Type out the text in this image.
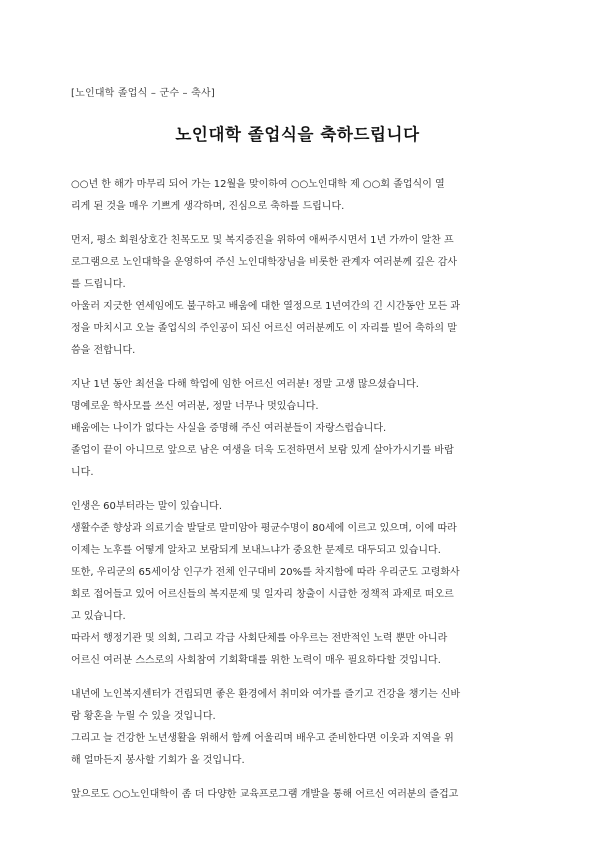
[노인대학 졸업식 – 군수 – 축사]
노인대학 졸업식을 축하드립니다
○○년 한 해가 마무리 되어 가는 12월을 맞이하여 ○○노인대학 제 ○○회 졸업식이 열
리게 된 것을 매우 기쁘게 생각하며, 진심으로 축하를 드립니다.
먼저, 평소 회원상호간 친목도모 및 복지증진을 위하여 애써주시면서 1년 가까이 알찬 프
로그램으로 노인대학을 운영하여 주신 노인대학장님을 비롯한 관계자 여러분께 깊은 감사
를 드립니다.
아울러 지긋한 연세임에도 불구하고 배움에 대한 열정으로 1년여간의 긴 시간동안 모든 과
정을 마치시고 오늘 졸업식의 주인공이 되신 어르신 여러분께도 이 자리를 빌어 축하의 말
씀을 전합니다.
지난 1년 동안 최선을 다해 학업에 임한 어르신 여러분! 정말 고생 많으셨습니다.
명예로운 학사모를 쓰신 여러분, 정말 너무나 멋있습니다.
배움에는 나이가 없다는 사실을 증명해 주신 여러분들이 자랑스럽습니다.
졸업이 끝이 아니므로 앞으로 남은 여생을 더욱 도전하면서 보람 있게 살아가시기를 바랍
니다.
인생은 60부터라는 말이 있습니다.
생활수준 향상과 의료기술 발달로 말미암아 평균수명이 80세에 이르고 있으며, 이에 따라
이제는 노후를 어떻게 알차고 보람되게 보내느냐가 중요한 문제로 대두되고 있습니다.
또한, 우리군의 65세이상 인구가 전체 인구대비 20%를 차지함에 따라 우리군도 고령화사
회로 접어들고 있어 어르신들의 복지문제 및 일자리 창출이 시급한 정책적 과제로 떠오르
고 있습니다.
따라서 행정기관 및 의회, 그리고 각급 사회단체를 아우르는 전반적인 노력 뿐만 아니라
어르신 여러분 스스로의 사회참여 기회확대를 위한 노력이 매우 필요하다할 것입니다.
내년에 노인복지센터가 건립되면 좋은 환경에서 취미와 여가를 즐기고 건강을 챙기는 신바
람 황혼을 누릴 수 있을 것입니다.
그리고 늘 건강한 노년생활을 위해서 함께 어울리며 배우고 준비한다면 이웃과 지역을 위
해 얼마든지 봉사할 기회가 올 것입니다.
앞으로도 ○○노인대학이 좀 더 다양한 교육프로그램 개발을 통해 어르신 여러분의 즐겁고
